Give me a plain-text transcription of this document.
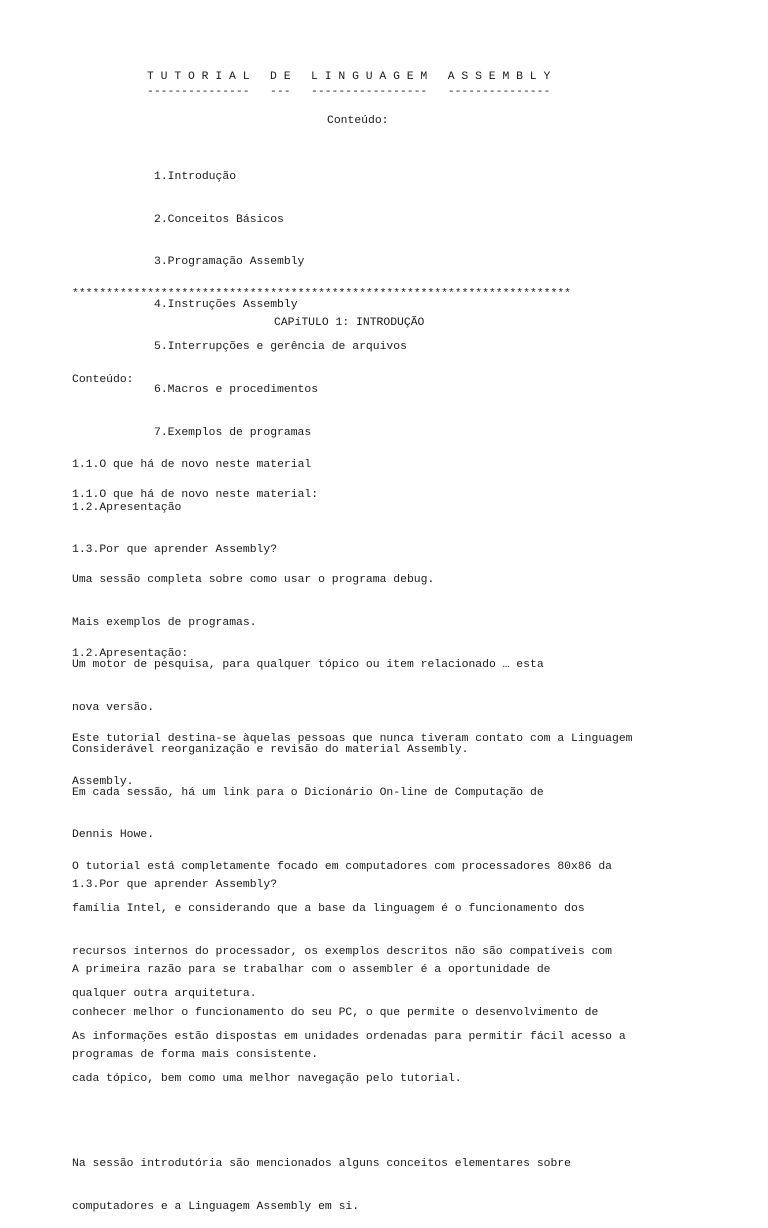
T U T O R I A L   D E   L I N G U A G E M   A S S E M B L Y
---------------   ---   -----------------   ---------------
Conteúdo:

1.Introdução

2.Conceitos Básicos

3.Programação Assembly

4.Instruções Assembly

5.Interrupções e gerência de arquivos

6.Macros e procedimentos

7.Exemplos de programas

*************************************************************************
CAPíTULO 1: INTRODUÇÃO

Conteúdo:

1.1.O que há de novo neste material

1.2.Apresentação

1.3.Por que aprender Assembly?

1.1.O que há de novo neste material:

Uma sessão completa sobre como usar o programa debug.

Mais exemplos de programas.

Um motor de pesquisa, para qualquer tópico ou item relacionado … esta

nova versão.

Considerável reorganização e revisão do material Assembly.

Em cada sessão, há um link para o Dicionário On-line de Computação de

Dennis Howe.

1.2.Apresentação:

Este tutorial destina-se àquelas pessoas que nunca tiveram contato com a Linguagem

Assembly.

O tutorial está completamente focado em computadores com processadores 80x86 da

família Intel, e considerando que a base da linguagem é o funcionamento dos

recursos internos do processador, os exemplos descritos não são compatíveis com

qualquer outra arquitetura.

As informações estão dispostas em unidades ordenadas para permitir fácil acesso a

cada tópico, bem como uma melhor navegação pelo tutorial.

Na sessão introdutória são mencionados alguns conceitos elementares sobre

computadores e a Linguagem Assembly em si.

1.3.Por que aprender Assembly?

A primeira razão para se trabalhar com o assembler é a oportunidade de

conhecer melhor o funcionamento do seu PC, o que permite o desenvolvimento de

programas de forma mais consistente.
